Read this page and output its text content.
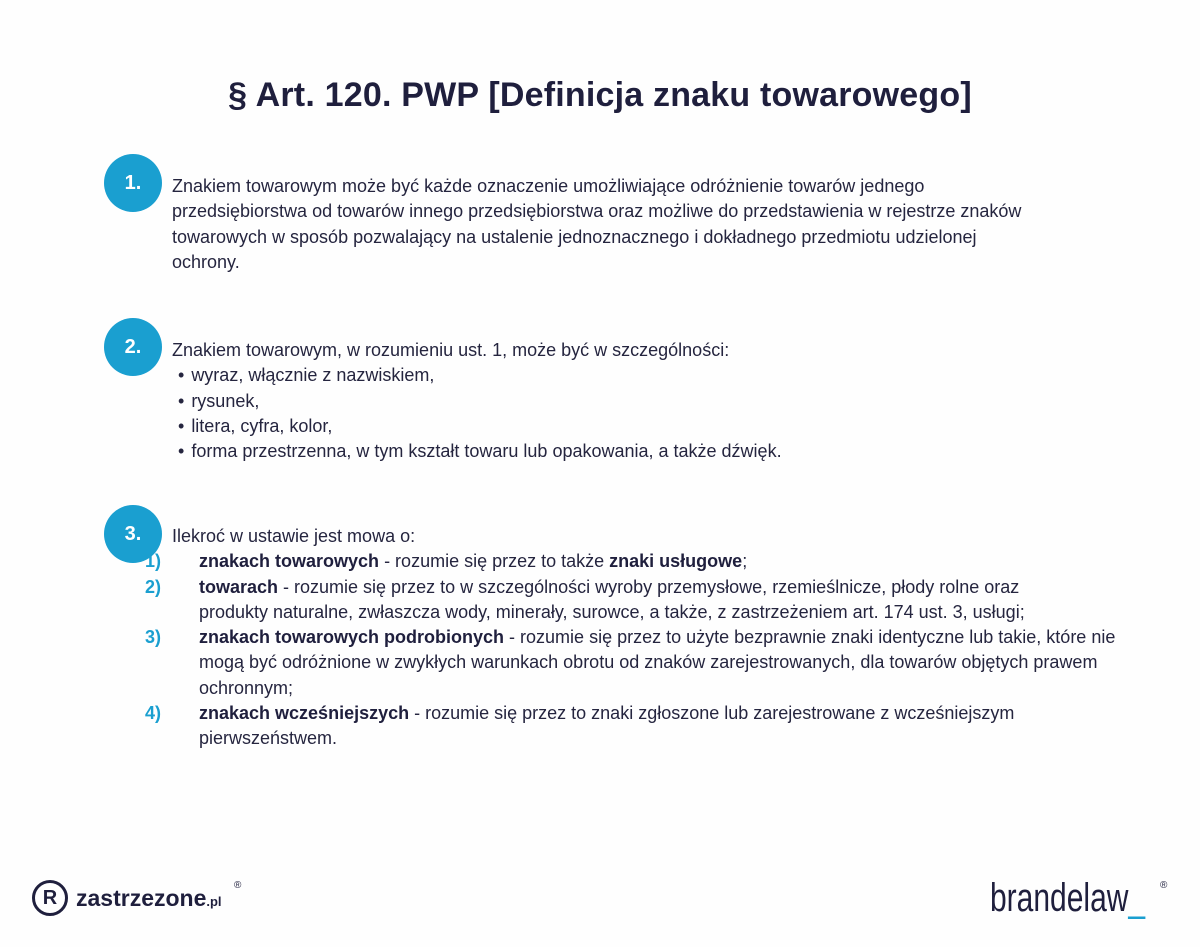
§ Art. 120. PWP [Definicja znaku towarowego]
1.	Znakiem towarowym może być każde oznaczenie umożliwiające odróżnienie towarów jednego przedsiębiorstwa od towarów innego przedsiębiorstwa oraz możliwe do przedstawienia w rejestrze znaków towarowych w sposób pozwalający na ustalenie jednoznacznego i dokładnego przedmiotu udzielonej ochrony.

2.	Znakiem towarowym, w rozumieniu ust. 1, może być w szczególności:

• wyraz, włącznie z nazwiskiem,

• rysunek,

• litera, cyfra, kolor,

• forma przestrzenna, w tym kształt towaru lub opakowania, a także dźwięk.

3.	Ilekroć w ustawie jest mowa o:

1) znakach towarowych - rozumie się przez to także znaki usługowe;

2) towarach - rozumie się przez to w szczególności wyroby przemysłowe, rzemieślnicze, płody rolne oraz produkty naturalne, zwłaszcza wody, minerały, surowce, a także, z zastrzeżeniem art. 174 ust. 3, usługi;

3) znakach towarowych podrobionych - rozumie się przez to użyte bezprawnie znaki identyczne lub takie, które nie mogą być odróżnione w zwykłych warunkach obrotu od znaków zarejestrowanych, dla towarów objętych prawem ochronnym;

4) znakach wcześniejszych - rozumie się przez to znaki zgłoszone lub zarejestrowane z wcześniejszym pierwszeństwem.

R zastrzezone.pl
®	brandelaw_ ®
